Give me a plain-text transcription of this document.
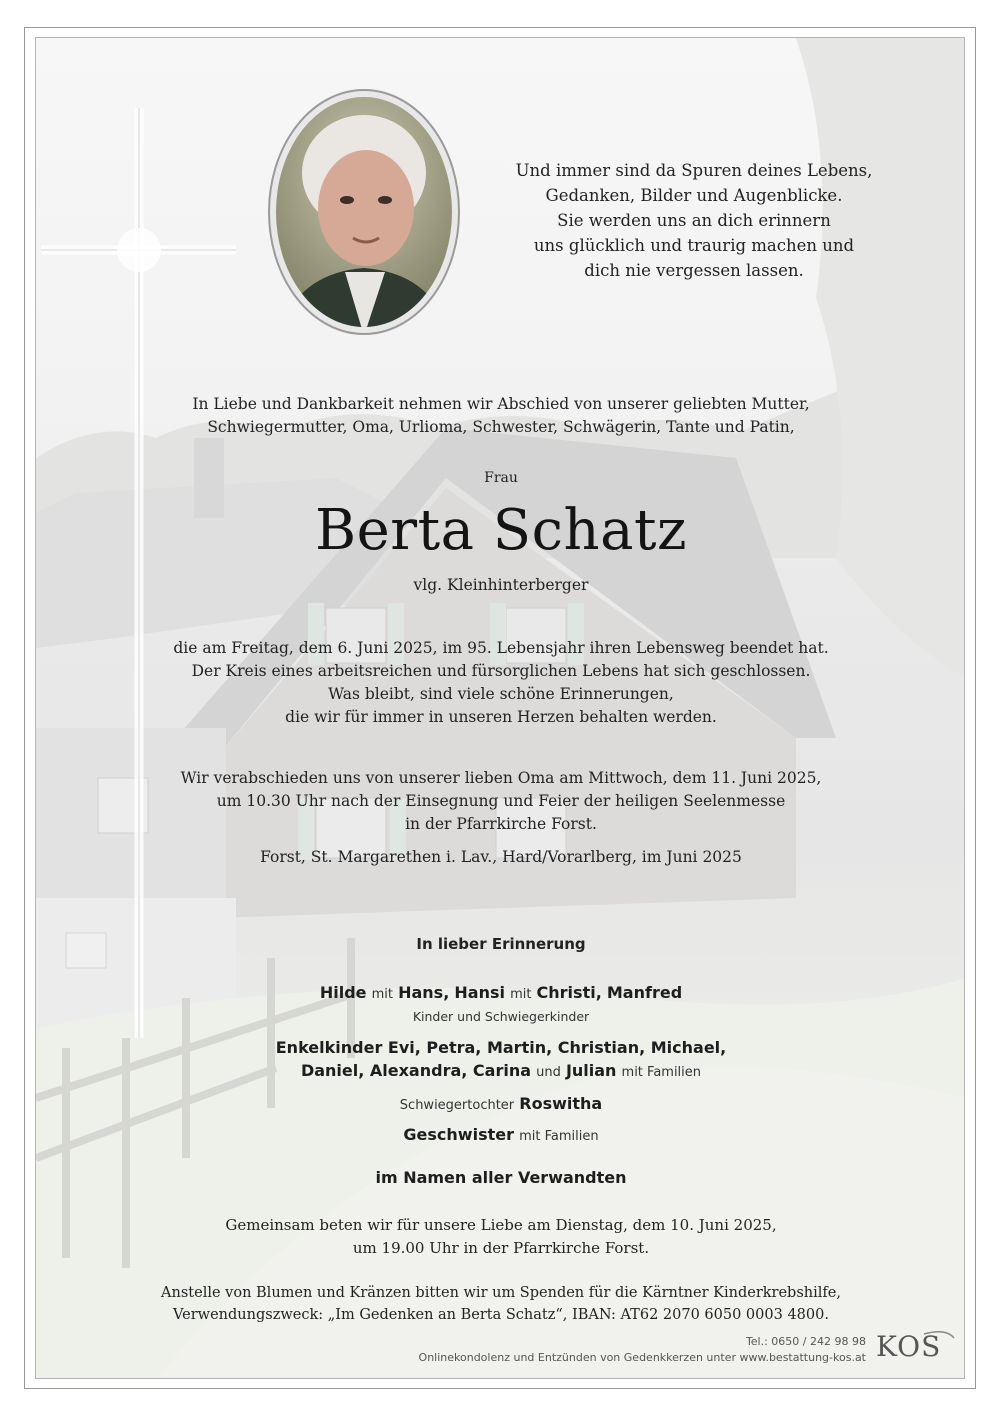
Und immer sind da Spuren deines Lebens,
Gedanken, Bilder und Augenblicke.
Sie werden uns an dich erinnern
uns glücklich und traurig machen und
dich nie vergessen lassen.
In Liebe und Dankbarkeit nehmen wir Abschied von unserer geliebten Mutter,
Schwiegermutter, Oma, Urlioma, Schwester, Schwägerin, Tante und Patin,
Frau
Berta Schatz
vlg. Kleinhinterberger
die am Freitag, dem 6. Juni 2025, im 95. Lebensjahr ihren Lebensweg beendet hat.
Der Kreis eines arbeitsreichen und fürsorglichen Lebens hat sich geschlossen.
Was bleibt, sind viele schöne Erinnerungen,
die wir für immer in unseren Herzen behalten werden.
Wir verabschieden uns von unserer lieben Oma am Mittwoch, dem 11. Juni 2025,
um 10.30 Uhr nach der Einsegnung und Feier der heiligen Seelenmesse
in der Pfarrkirche Forst.
Forst, St. Margarethen i. Lav., Hard/Vorarlberg, im Juni 2025
In lieber Erinnerung
Hilde mit Hans, Hansi mit Christi, Manfred
Kinder und Schwiegerkinder
Enkelkinder Evi, Petra, Martin, Christian, Michael,
Daniel, Alexandra, Carina und Julian mit Familien
Schwiegertochter Roswitha
Geschwister mit Familien
im Namen aller Verwandten
Gemeinsam beten wir für unsere Liebe am Dienstag, dem 10. Juni 2025,
um 19.00 Uhr in der Pfarrkirche Forst.
Anstelle von Blumen und Kränzen bitten wir um Spenden für die Kärntner Kinderkrebshilfe,
Verwendungszweck: „Im Gedenken an Berta Schatz“, IBAN: AT62 2070 6050 0003 4800.
Tel.: 0650 / 242 98 98
Onlinekondolenz und Entzünden von Gedenkkerzen unter www.bestattung-kos.at KOS
